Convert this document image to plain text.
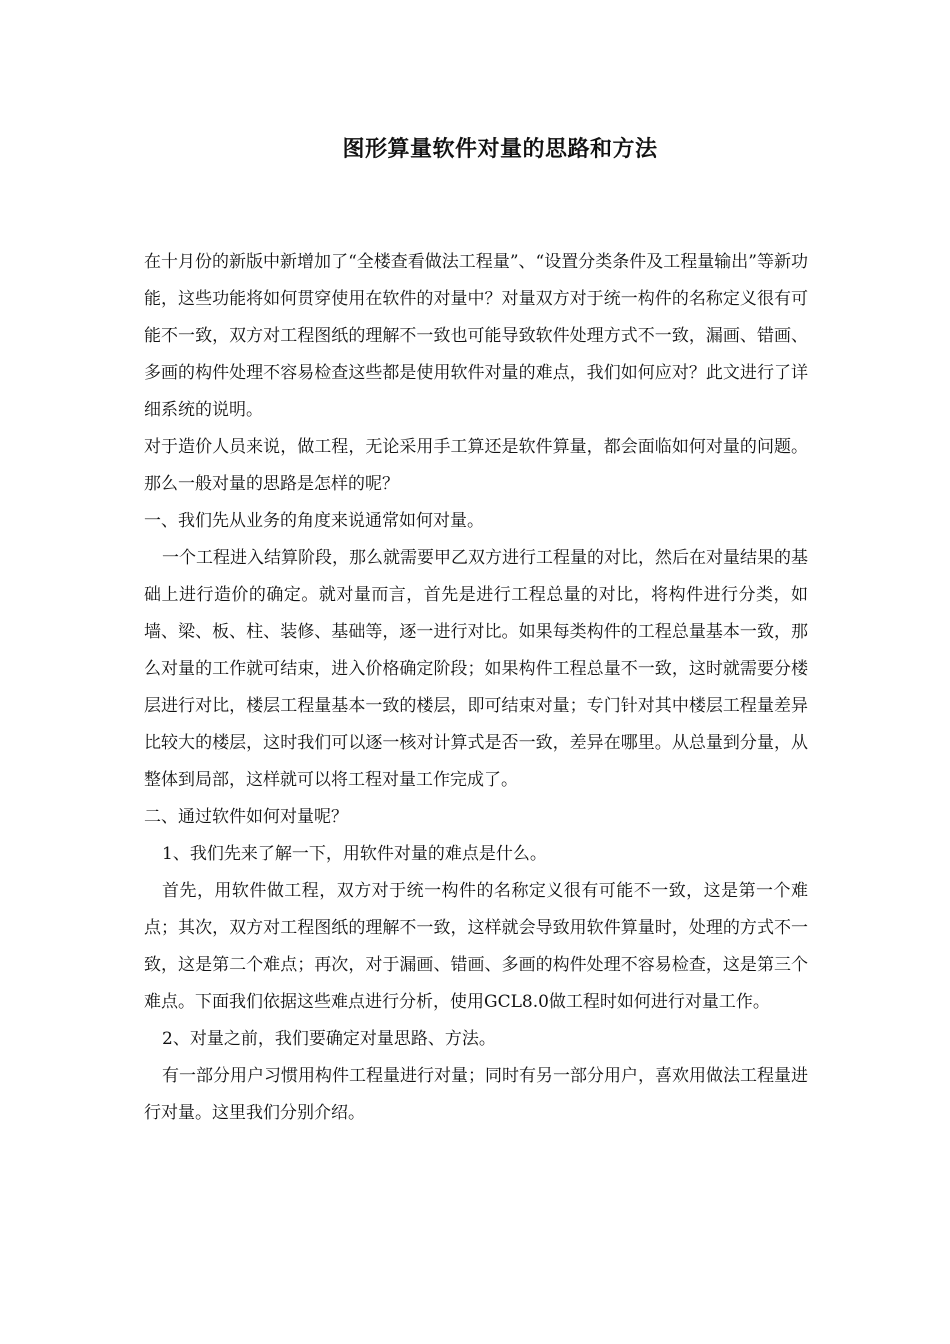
图形算量软件对量的思路和方法

在十月份的新版中新增加了“全楼查看做法工程量”、“设置分类条件及工程量输出”等新功能，这些功能将如何贯穿使用在软件的对量中？对量双方对于统一构件的名称定义很有可能不一致，双方对工程图纸的理解不一致也可能导致软件处理方式不一致，漏画、错画、多画的构件处理不容易检查这些都是使用软件对量的难点，我们如何应对？此文进行了详细系统的说明。

对于造价人员来说，做工程，无论采用手工算还是软件算量，都会面临如何对量的问题。那么一般对量的思路是怎样的呢？

一、我们先从业务的角度来说通常如何对量。

一个工程进入结算阶段，那么就需要甲乙双方进行工程量的对比，然后在对量结果的基础上进行造价的确定。就对量而言，首先是进行工程总量的对比，将构件进行分类，如墙、梁、板、柱、装修、基础等，逐一进行对比。如果每类构件的工程总量基本一致，那么对量的工作就可结束，进入价格确定阶段；如果构件工程总量不一致，这时就需要分楼层进行对比，楼层工程量基本一致的楼层，即可结束对量；专门针对其中楼层工程量差异比较大的楼层，这时我们可以逐一核对计算式是否一致，差异在哪里。从总量到分量，从整体到局部，这样就可以将工程对量工作完成了。

二、通过软件如何对量呢？

1、我们先来了解一下，用软件对量的难点是什么。

首先，用软件做工程，双方对于统一构件的名称定义很有可能不一致，这是第一个难点；其次，双方对工程图纸的理解不一致，这样就会导致用软件算量时，处理的方式不一致，这是第二个难点；再次，对于漏画、错画、多画的构件处理不容易检查，这是第三个难点。下面我们依据这些难点进行分析，使用GCL8.0做工程时如何进行对量工作。

2、对量之前，我们要确定对量思路、方法。

有一部分用户习惯用构件工程量进行对量；同时有另一部分用户，喜欢用做法工程量进行对量。这里我们分别介绍。
